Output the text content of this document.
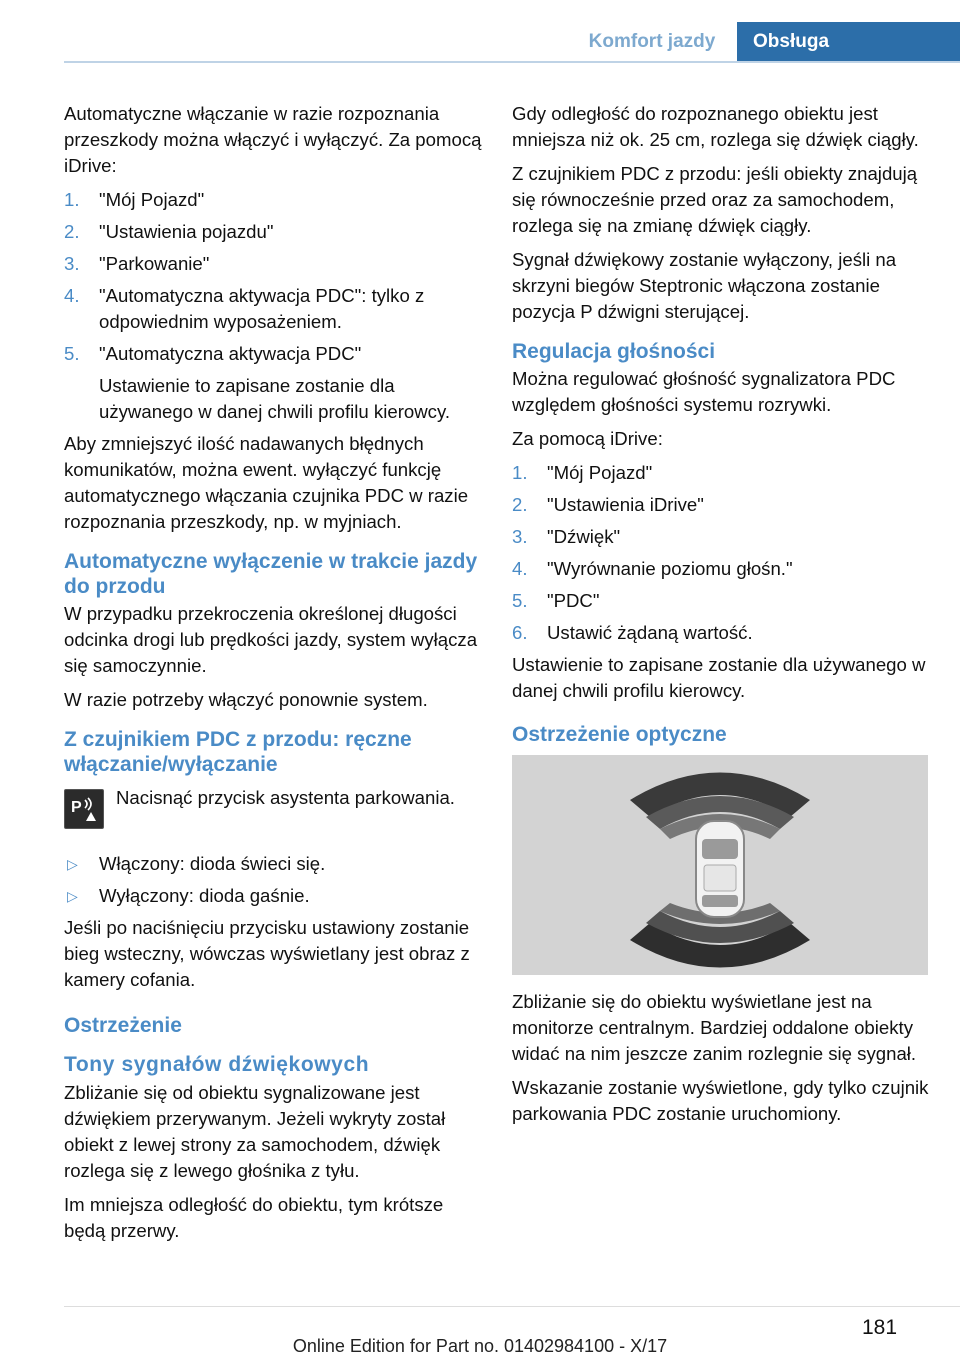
Komfort jazdy	Obsługa

Automatyczne włączanie w razie rozpoznania przeszkody można włączyć i wyłączyć. Za pomocą iDrive:

1. "Mój Pojazd"
2. "Ustawienia pojazdu"
3. "Parkowanie"
4. "Automatyczna aktywacja PDC": tylko z odpowiednim wyposażeniem.
5. "Automatyczna aktywacja PDC"
Ustawienie to zapisane zostanie dla używanego w danej chwili profilu kierowcy.

Aby zmniejszyć ilość nadawanych błędnych komunikatów, można ewent. wyłączyć funkcję automatycznego włączania czujnika PDC w razie rozpoznania przeszkody, np. w myjniach.

Automatyczne wyłączenie w trakcie jazdy do przodu

W przypadku przekroczenia określonej długości odcinka drogi lub prędkości jazdy, system wyłącza się samoczynnie.

W razie potrzeby włączyć ponownie system.

Z czujnikiem PDC z przodu: ręczne włączanie/wyłączanie
P	Nacisnąć przycisk asystenta parkowania.
▷ Włączony: dioda świeci się.
▷ Wyłączony: dioda gaśnie.

Jeśli po naciśnięciu przycisku ustawiony zostanie bieg wsteczny, wówczas wyświetlany jest obraz z kamery cofania.

Ostrzeżenie
Tony sygnałów dźwiękowych

Zbliżanie się od obiektu sygnalizowane jest dźwiękiem przerywanym. Jeżeli wykryty został obiekt z lewej strony za samochodem, dźwięk rozlega się z lewego głośnika z tyłu.

Im mniejsza odległość do obiektu, tym krótsze będą przerwy.

Gdy odległość do rozpoznanego obiektu jest mniejsza niż ok. 25 cm, rozlega się dźwięk ciągły.

Z czujnikiem PDC z przodu: jeśli obiekty znajdują się równocześnie przed oraz za samochodem, rozlega się na zmianę dźwięk ciągły.

Sygnał dźwiękowy zostanie wyłączony, jeśli na skrzyni biegów Steptronic włączona zostanie pozycja P dźwigni sterującej.

Regulacja głośności

Można regulować głośność sygnalizatora PDC względem głośności systemu rozrywki.

Za pomocą iDrive:

1. "Mój Pojazd"
2. "Ustawienia iDrive"
3. "Dźwięk"
4. "Wyrównanie poziomu głośn."
5. "PDC"
6. Ustawić żądaną wartość.

Ustawienie to zapisane zostanie dla używanego w danej chwili profilu kierowcy.

Ostrzeżenie optyczne

Zbliżanie się do obiektu wyświetlane jest na monitorze centralnym. Bardziej oddalone obiekty widać na nim jeszcze zanim rozlegnie się sygnał.

Wskazanie zostanie wyświetlone, gdy tylko czujnik parkowania PDC zostanie uruchomiony.

181
Online Edition for Part no. 01402984100 - X/17
